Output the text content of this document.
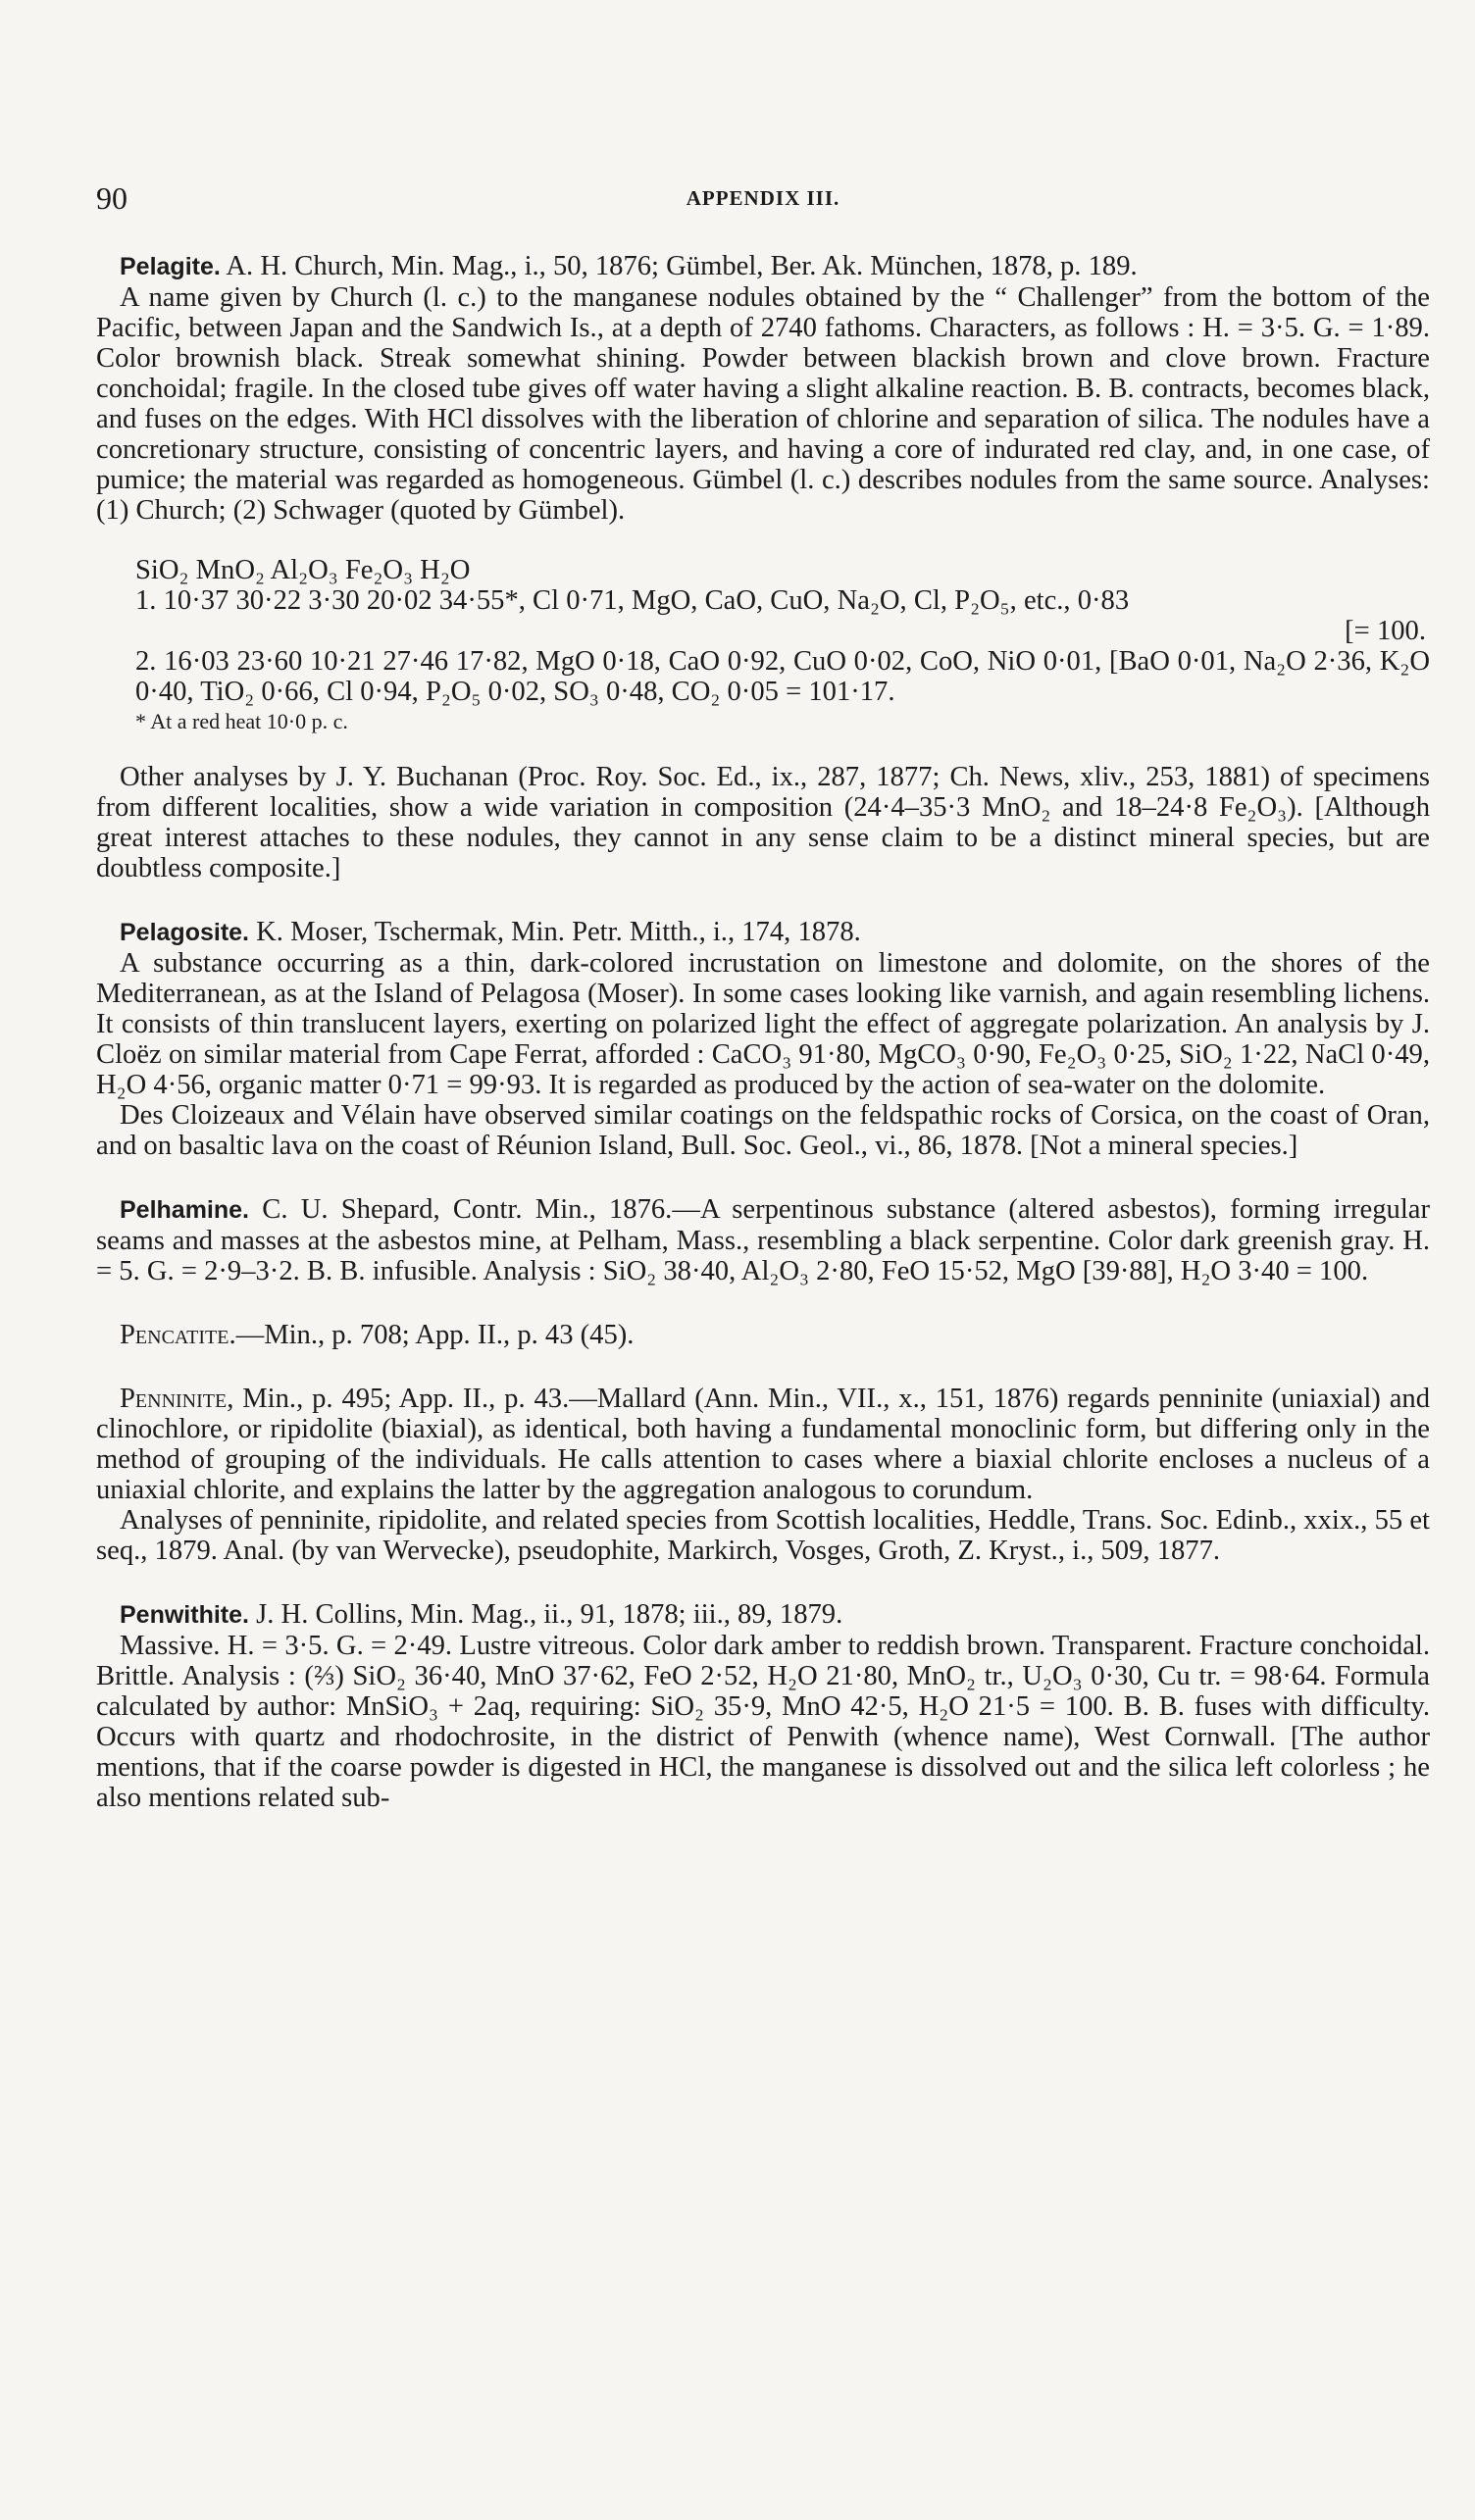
90	APPENDIX III.

Pelagite. A. H. Church, Min. Mag., i., 50, 1876; Gümbel, Ber. Ak. München, 1878, p. 189.

A name given by Church (l. c.) to the manganese nodules obtained by the “ Challenger” from the bottom of the Pacific, between Japan and the Sandwich Is., at a depth of 2740 fathoms. Characters, as follows : H. = 3·5. G. = 1·89. Color brownish black. Streak somewhat shining. Powder between blackish brown and clove brown. Fracture conchoidal; fragile. In the closed tube gives off water having a slight alkaline reaction. B. B. contracts, becomes black, and fuses on the edges. With HCl dissolves with the liberation of chlorine and separation of silica. The nodules have a concretionary structure, consisting of concentric layers, and having a core of indurated red clay, and, in one case, of pumice; the material was regarded as homogeneous. Gümbel (l. c.) describes nodules from the same source. Analyses: (1) Church; (2) Schwager (quoted by Gümbel).

SiO₂ MnO₂ Al₂O₃ Fe₂O₃ H₂O

1. 10·37 30·22 3·30 20·02 34·55*, Cl 0·71, MgO, CaO, CuO, Na₂O, Cl, P₂O₅, etc., 0·83

[= 100.

2. 16·03 23·60 10·21 27·46 17·82, MgO 0·18, CaO 0·92, CuO 0·02, CoO, NiO 0·01, [BaO 0·01, Na₂O 2·36, K₂O 0·40, TiO₂ 0·66, Cl 0·94, P₂O₅ 0·02, SO₃ 0·48, CO₂ 0·05 = 101·17.

* At a red heat 10·0 p. c.

Other analyses by J. Y. Buchanan (Proc. Roy. Soc. Ed., ix., 287, 1877; Ch. News, xliv., 253, 1881) of specimens from different localities, show a wide variation in composition (24·4–35·3 MnO₂ and 18–24·8 Fe₂O₃). [Although great interest attaches to these nodules, they cannot in any sense claim to be a distinct mineral species, but are doubtless composite.]

Pelagosite. K. Moser, Tschermak, Min. Petr. Mitth., i., 174, 1878.

A substance occurring as a thin, dark-colored incrustation on limestone and dolomite, on the shores of the Mediterranean, as at the Island of Pelagosa (Moser). In some cases looking like varnish, and again resembling lichens. It consists of thin translucent layers, exerting on polarized light the effect of aggregate polarization. An analysis by J. Cloëz on similar material from Cape Ferrat, afforded : CaCO₃ 91·80, MgCO₃ 0·90, Fe₂O₃ 0·25, SiO₂ 1·22, NaCl 0·49, H₂O 4·56, organic matter 0·71 = 99·93. It is regarded as produced by the action of sea-water on the dolomite.

Des Cloizeaux and Vélain have observed similar coatings on the feldspathic rocks of Corsica, on the coast of Oran, and on basaltic lava on the coast of Réunion Island, Bull. Soc. Geol., vi., 86, 1878. [Not a mineral species.]

Pelhamine. C. U. Shepard, Contr. Min., 1876.—A serpentinous substance (altered asbestos), forming irregular seams and masses at the asbestos mine, at Pelham, Mass., resembling a black serpentine. Color dark greenish gray. H. = 5. G. = 2·9–3·2. B. B. infusible. Analysis : SiO₂ 38·40, Al₂O₃ 2·80, FeO 15·52, MgO [39·88], H₂O 3·40 = 100.

Pencatite.—Min., p. 708; App. II., p. 43 (45).

Penninite, Min., p. 495; App. II., p. 43.—Mallard (Ann. Min., VII., x., 151, 1876) regards penninite (uniaxial) and clinochlore, or ripidolite (biaxial), as identical, both having a fundamental monoclinic form, but differing only in the method of grouping of the individuals. He calls attention to cases where a biaxial chlorite encloses a nucleus of a uniaxial chlorite, and explains the latter by the aggregation analogous to corundum.

Analyses of penninite, ripidolite, and related species from Scottish localities, Heddle, Trans. Soc. Edinb., xxix., 55 et seq., 1879. Anal. (by van Wervecke), pseudophite, Markirch, Vosges, Groth, Z. Kryst., i., 509, 1877.

Penwithite. J. H. Collins, Min. Mag., ii., 91, 1878; iii., 89, 1879.

Massive. H. = 3·5. G. = 2·49. Lustre vitreous. Color dark amber to reddish brown. Transparent. Fracture conchoidal. Brittle. Analysis : (⅔) SiO₂ 36·40, MnO 37·62, FeO 2·52, H₂O 21·80, MnO₂ tr., U₂O₃ 0·30, Cu tr. = 98·64. Formula calculated by author: MnSiO₃ + 2aq, requiring: SiO₂ 35·9, MnO 42·5, H₂O 21·5 = 100. B. B. fuses with difficulty. Occurs with quartz and rhodochrosite, in the district of Penwith (whence name), West Cornwall. [The author mentions, that if the coarse powder is digested in HCl, the manganese is dissolved out and the silica left colorless ; he also mentions related sub-
